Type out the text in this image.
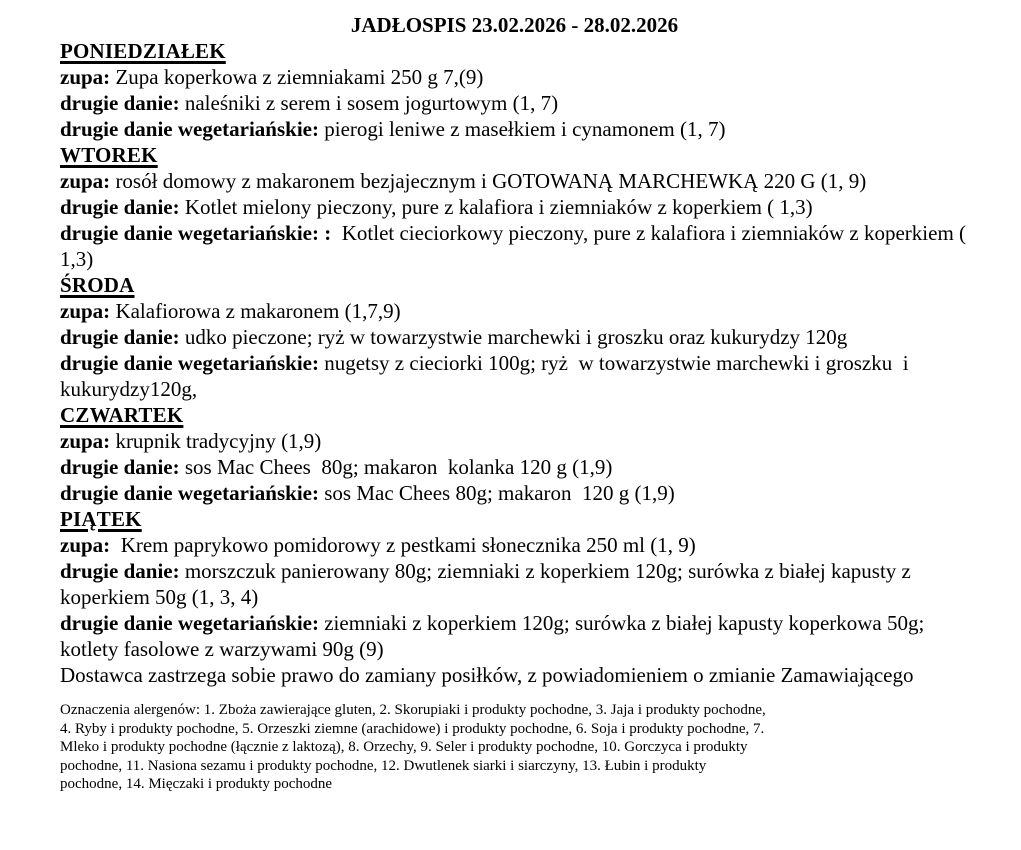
JADŁOSPIS 23.02.2026 - 28.02.2026
PONIEDZIAŁEK

zupa: Zupa koperkowa z ziemniakami 250 g 7,(9)

drugie danie: naleśniki z serem i sosem jogurtowym (1, 7)

drugie danie wegetariańskie: pierogi leniwe z masełkiem i cynamonem (1, 7)

WTOREK

zupa: rosół domowy z makaronem bezjajecznym i GOTOWANĄ MARCHEWKĄ 220 G (1, 9)

drugie danie: Kotlet mielony pieczony, pure z kalafiora i ziemniaków z koperkiem ( 1,3)

drugie danie wegetariańskie: :  Kotlet cieciorkowy pieczony, pure z kalafiora i ziemniaków z koperkiem ( 1,3)

ŚRODA

zupa: Kalafiorowa z makaronem (1,7,9)

drugie danie: udko pieczone; ryż w towarzystwie marchewki i groszku oraz kukurydzy 120g

drugie danie wegetariańskie: nugetsy z cieciorki 100g; ryż  w towarzystwie marchewki i groszku  i kukurydzy120g,

CZWARTEK

zupa: krupnik tradycyjny (1,9)

drugie danie: sos Mac Chees  80g; makaron  kolanka 120 g (1,9)

drugie danie wegetariańskie: sos Mac Chees 80g; makaron  120 g (1,9)

PIĄTEK

zupa:  Krem paprykowo pomidorowy z pestkami słonecznika 250 ml (1, 9)

drugie danie: morszczuk panierowany 80g; ziemniaki z koperkiem 120g; surówka z białej kapusty z koperkiem 50g (1, 3, 4)

drugie danie wegetariańskie: ziemniaki z koperkiem 120g; surówka z białej kapusty koperkowa 50g; kotlety fasolowe z warzywami 90g (9)

Dostawca zastrzega sobie prawo do zamiany posiłków, z powiadomieniem o zmianie Zamawiającego

Oznaczenia alergenów: 1. Zboża zawierające gluten, 2. Skorupiaki i produkty pochodne, 3. Jaja i produkty pochodne,
4. Ryby i produkty pochodne, 5. Orzeszki ziemne (arachidowe) i produkty pochodne, 6. Soja i produkty pochodne, 7.
Mleko i produkty pochodne (łącznie z laktozą), 8. Orzechy, 9. Seler i produkty pochodne, 10. Gorczyca i produkty
pochodne, 11. Nasiona sezamu i produkty pochodne, 12. Dwutlenek siarki i siarczyny, 13. Łubin i produkty
pochodne, 14. Mięczaki i produkty pochodne
